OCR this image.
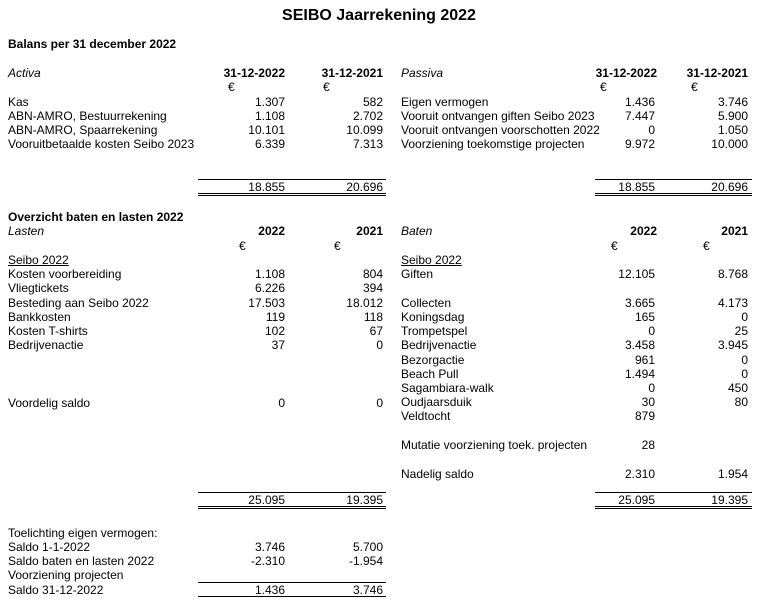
SEIBO Jaarrekening 2022
Balans per 31 december 2022
Activa	31-12-2022	31-12-2021
€	€
Kas	1.307	582
ABN-AMRO, Bestuurrekening	1.108	2.702
ABN-AMRO, Spaarrekening	10.101	10.099
Vooruitbetaalde kosten Seibo 2023	6.339	7.313
18.855	20.696
Passiva	31-12-2022	31-12-2021
€	€
Eigen vermogen	1.436	3.746
Vooruit ontvangen giften Seibo 2023	7.447	5.900
Vooruit ontvangen voorschotten 2022	0	1.050
Voorziening toekomstige projecten	9.972	10.000
18.855	20.696
Overzicht baten en lasten 2022
Lasten	2022	2021
€	€
Seibo 2022
Kosten voorbereiding	1.108	804
Vliegtickets	6.226	394
Besteding aan Seibo 2022	17.503	18.012
Bankkosten	119	118
Kosten T-shirts	102	67
Bedrijvenactie	37	0
Voordelig saldo	0	0
25.095	19.395
Baten	2022	2021
€	€
Seibo 2022
Giften	12.105	8.768
Collecten	3.665	4.173
Koningsdag	165	0
Trompetspel	0	25
Bedrijvenactie	3.458	3.945
Bezorgactie	961	0
Beach Pull	1.494	0
Sagambiara-walk	0	450
Oudjaarsduik	30	80
Veldtocht	879
Mutatie voorziening toek. projecten	28
Nadelig saldo	2.310	1.954
25.095	19.395
Toelichting eigen vermogen:
Saldo 1-1-2022	3.746	5.700
Saldo baten en lasten 2022	-2.310	-1.954
Voorziening projecten
Saldo 31-12-2022	1.436	3.746
